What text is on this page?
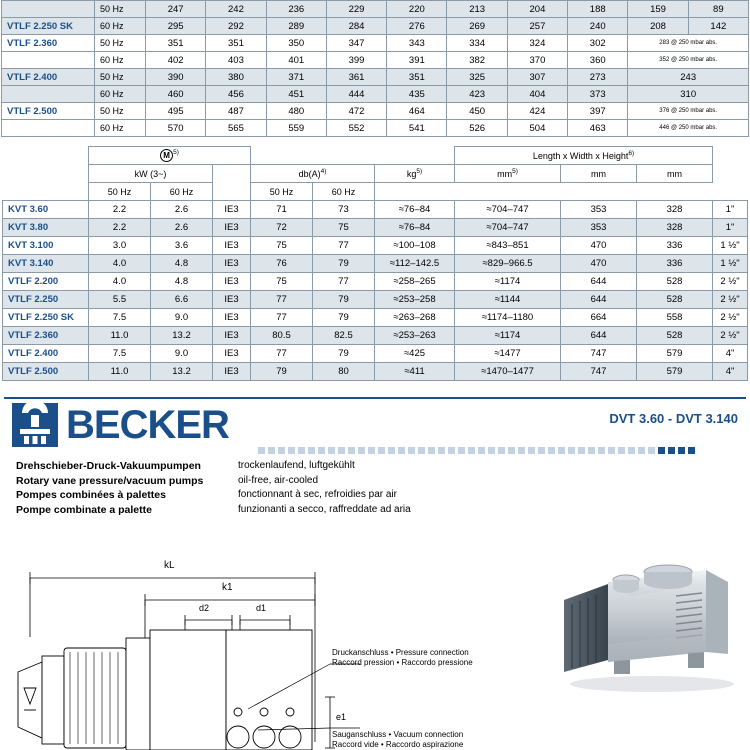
	50 Hz	247	242	236	229	220	213	204	188	159	89
VTLF 2.250 SK	60 Hz	295	292	289	284	276	269	257	240	208	142
VTLF 2.360	50 Hz	351	351	350	347	343	334	324	302	283 @ 250 mbar abs.	
	60 Hz	402	403	401	399	391	382	370	360	352 @ 250 mbar abs.	
VTLF 2.400	50 Hz	390	380	371	361	351	325	307	273	243	
	60 Hz	460	456	451	444	435	423	404	373	310	
VTLF 2.500	50 Hz	495	487	480	472	464	450	424	397	376 @ 250 mbar abs.	
	60 Hz	570	565	559	552	541	526	504	463	446 @ 250 mbar abs.	
	M $^{5)}$						Length x Width x Height$^{6)}$	
	kW (3~)			$db(A)^{4)}$		$kg^{5)}$	$mm^{5)}$	mm	mm	
	50 Hz	60 Hz		50 Hz	60 Hz					
KVT 3.60	2.2	2.6	IE3	71	73	≈76–84	≈704–747	353	328	1"
KVT 3.80	2.2	2.6	IE3	72	75	≈76–84	≈704–747	353	328	1"
KVT 3.100	3.0	3.6	IE3	75	77	≈100–108	≈843–851	470	336	1 ½"
KVT 3.140	4.0	4.8	IE3	76	79	≈112–142.5	≈829–966.5	470	336	1 ½"
VTLF 2.200	4.0	4.8	IE3	75	77	≈258–265	≈1174	644	528	2 ½"
VTLF 2.250	5.5	6.6	IE3	77	79	≈253–258	≈1144	644	528	2 ½"
VTLF 2.250 SK	7.5	9.0	IE3	77	79	≈263–268	≈1174–1180	664	558	2 ½"
VTLF 2.360	11.0	13.2	IE3	80.5	82.5	≈253–263	≈1174	644	528	2 ½"
VTLF 2.400	7.5	9.0	IE3	77	79	≈425	≈1477	747	579	4"
VTLF 2.500	11.0	13.2	IE3	79	80	≈411	≈1470–1477	747	579	4"
BECKER	DVT 3.60 - DVT 3.140
Drehschieber-Druck-Vakuumpumpen
Rotary vane pressure/vacuum pumps
Pompes combinées à palettes
Pompe combinate a palette
trockenlaufend, luftgekühlt
oil-free, air-cooled
fonctionnant à sec, refroidies par air
funzionanti a secco, raffreddate ad aria
kL
k1
d2	d1
e1
Druckanschluss • Pressure connection
Raccord pression • Raccordo pressione
Sauganschluss • Vacuum connection
Raccord vide • Raccordo aspirazione
